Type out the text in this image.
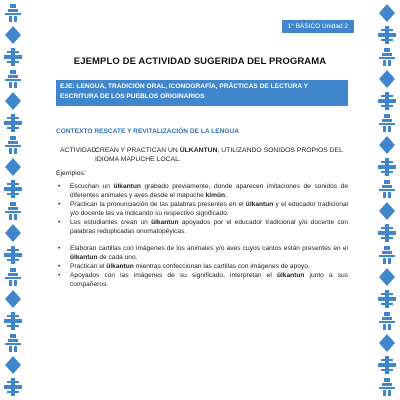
1° BÁSICO Unidad 2
EJEMPLO DE ACTIVIDAD SUGERIDA DEL PROGRAMA
EJE: LENGUA, TRADICIÓN ORAL, ICONOGRAFÍA, PRÁCTICAS DE LECTURA Y ESCRITURA DE LOS PUEBLOS ORIGINARIOS
CONTEXTO RESCATE Y REVITALIZACIÓN DE LA LENGUA
ACTIVIDAD:
CREAN Y PRACTICAN UN ÜLKANTUN, UTILIZANDO SONIDOS PROPIOS DEL IDIOMA MAPUCHE LOCAL.
Ejemplos:
• Escuchan un ülkantun grabado previamente, donde aparecen imitaciones de sonidos de diferentes animales y aves desde el mapuche kimün.
• Practican la pronunciación de las palabras presentes en el ülkantun y el educador tradicional y/o docente les va indicando su respectivo significado.
• Los estudiantes crean un ülkantun apoyados por el educador tradicional y/o docente con palabras reduplicadas onomatopéyicas.
• Elaboran cartillas con imágenes de los animales y/o aves cuyos cantos están presentes en el ülkantun de cada uno.
• Practican el ülkantun mientras confeccionan las cartillas con imágenes de apoyo.
• Apoyados con las imágenes de su significado, interpretan el ülkantun junto a sus compañeros.
